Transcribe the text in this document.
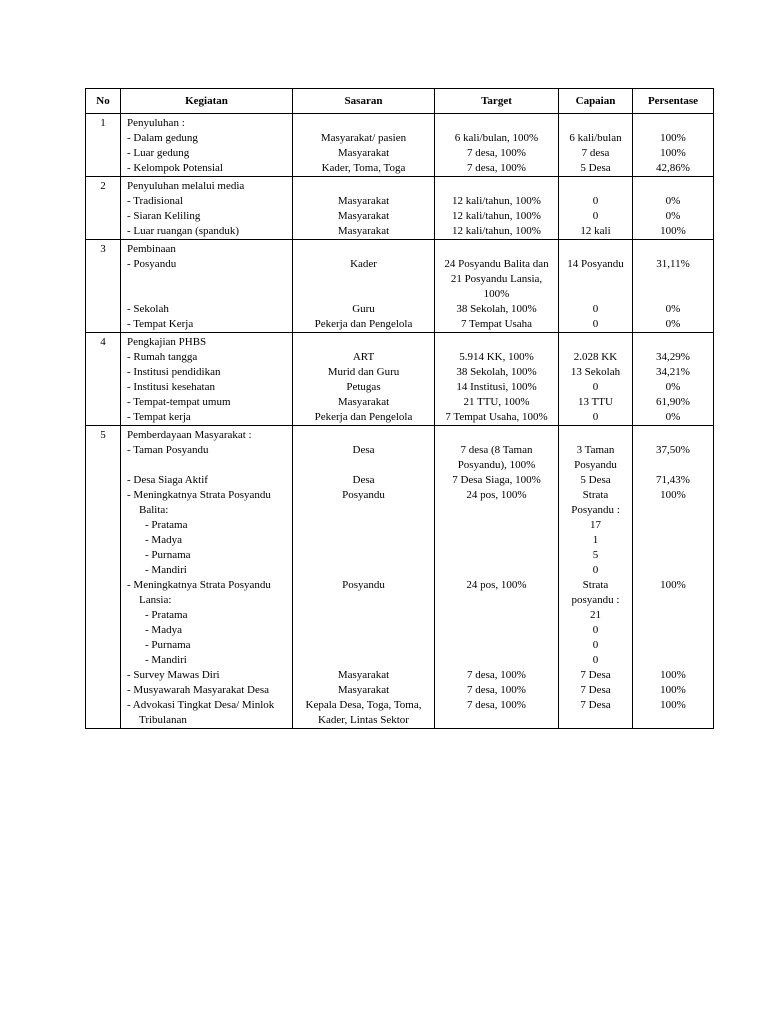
No	Kegiatan	Sasaran	Target	Capaian	Persentase
1	Penyuluhan :				
	- Dalam gedung	Masyarakat/ pasien	6 kali/bulan, 100%	6 kali/bulan	100%
	- Luar gedung	Masyarakat	7 desa, 100%	7 desa	100%
	- Kelompok Potensial	Kader, Toma, Toga	7 desa, 100%	5 Desa	42,86%
2	Penyuluhan melalui media				
	- Tradisional	Masyarakat	12 kali/tahun, 100%	0	0%
	- Siaran Keliling	Masyarakat	12 kali/tahun, 100%	0	0%
	- Luar ruangan (spanduk)	Masyarakat	12 kali/tahun, 100%	12 kali	100%
3	Pembinaan				
	- Posyandu	Kader	24 Posyandu Balita dan 21 Posyandu Lansia, 100%	14 Posyandu	31,11%
	- Sekolah	Guru	38 Sekolah, 100%	0	0%
	- Tempat Kerja	Pekerja dan Pengelola	7 Tempat Usaha	0	0%
4	Pengkajian PHBS				
	- Rumah tangga	ART	5.914 KK, 100%	2.028 KK	34,29%
	- Institusi pendidikan	Murid dan Guru	38 Sekolah, 100%	13 Sekolah	34,21%
	- Institusi kesehatan	Petugas	14 Institusi, 100%	0	0%
	- Tempat-tempat umum	Masyarakat	21 TTU, 100%	13 TTU	61,90%
	- Tempat kerja	Pekerja dan Pengelola	7 Tempat Usaha, 100%	0	0%
5	Pemberdayaan Masyarakat :				
	- Taman Posyandu	Desa	7 desa (8 Taman Posyandu), 100%	3 Taman Posyandu	37,50%
	- Desa Siaga Aktif	Desa	7 Desa Siaga, 100%	5 Desa	71,43%
	- Meningkatnya Strata Posyandu Balita:	Posyandu	24 pos, 100%	Strata Posyandu :	100%
	- Pratama			17	
	- Madya			1	
	- Purnama			5	
	- Mandiri			0	
	- Meningkatnya Strata Posyandu Lansia:	Posyandu	24 pos, 100%	Strata posyandu :	100%
	- Pratama			21	
	- Madya			0	
	- Purnama			0	
	- Mandiri			0	
	- Survey Mawas Diri	Masyarakat	7 desa, 100%	7 Desa	100%
	- Musyawarah Masyarakat Desa	Masyarakat	7 desa, 100%	7 Desa	100%
	- Advokasi Tingkat Desa/ Minlok Tribulanan	Kepala Desa, Toga, Toma, Kader, Lintas Sektor	7 desa, 100%	7 Desa	100%
